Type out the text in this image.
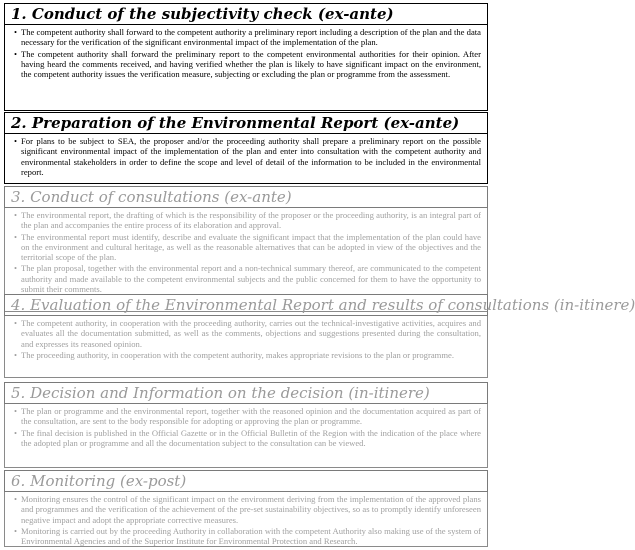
1. Conduct of the subjectivity check (ex-ante)
• The competent authority shall forward to the competent authority a preliminary report including a description of the plan and the data necessary for the verification of the significant environmental impact of the implementation of the plan.
• The competent authority shall forward the preliminary report to the competent environmental authorities for their opinion. After having heard the comments received, and having verified whether the plan is likely to have significant impact on the environment, the competent authority issues the verification measure, subjecting or excluding the plan or programme from the assessment.
2. Preparation of the Environmental Report (ex-ante)
• For plans to be subject to SEA, the proposer and/or the proceeding authority shall prepare a preliminary report on the possible significant environmental impact of the implementation of the plan and enter into consultation with the competent authority and environmental stakeholders in order to define the scope and level of detail of the information to be included in the environmental report.
3. Conduct of consultations (ex-ante)
• The environmental report, the drafting of which is the responsibility of the proposer or the proceeding authority, is an integral part of the plan and accompanies the entire process of its elaboration and approval.
• The environmental report must identify, describe and evaluate the significant impact that the implementation of the plan could have on the environment and cultural heritage, as well as the reasonable alternatives that can be adopted in view of the objectives and the territorial scope of the plan.
• The plan proposal, together with the environmental report and a non-technical summary thereof, are communicated to the competent authority and made available to the competent environmental subjects and the public concerned for them to have the opportunity to submit their comments.
4. Evaluation of the Environmental Report and results of consultations (in-itinere)
• The competent authority, in cooperation with the proceeding authority, carries out the technical-investigative activities, acquires and evaluates all the documentation submitted, as well as the comments, objections and suggestions presented during the consultation, and expresses its reasoned opinion.
• The proceeding authority, in cooperation with the competent authority, makes appropriate revisions to the plan or programme.
5. Decision and Information on the decision (in-itinere)
• The plan or programme and the environmental report, together with the reasoned opinion and the documentation acquired as part of the consultation, are sent to the body responsible for adopting or approving the plan or programme.
• The final decision is published in the Official Gazette or in the Official Bulletin of the Region with the indication of the place where the adopted plan or programme and all the documentation subject to the consultation can be viewed.
6. Monitoring (ex-post)
• Monitoring ensures the control of the significant impact on the environment deriving from the implementation of the approved plans and programmes and the verification of the achievement of the pre-set sustainability objectives, so as to promptly identify unforeseen negative impact and adopt the appropriate corrective measures.
• Monitoring is carried out by the proceeding Authority in collaboration with the competent Authority also making use of the system of Environmental Agencies and of the Superior Institute for Environmental Protection and Research.
